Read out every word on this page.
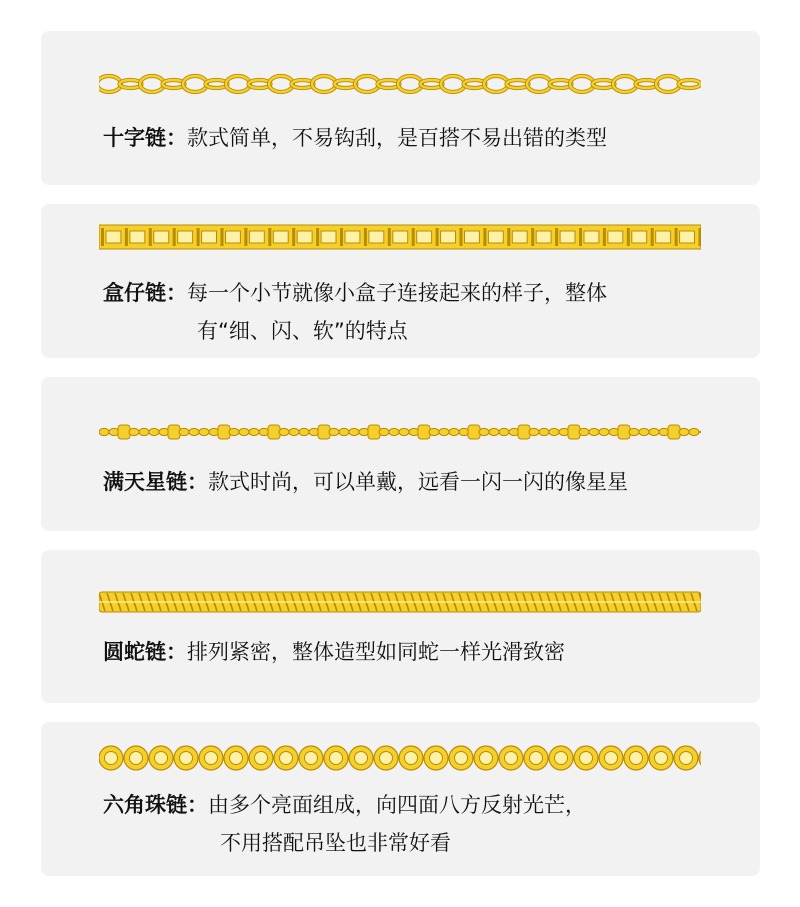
十字链：款式简单，不易钩刮，是百搭不易出错的类型
盒仔链：每一个小节就像小盒子连接起来的样子，整体
有“细、闪、软”的特点
满天星链：款式时尚，可以单戴，远看一闪一闪的像星星
圆蛇链：排列紧密，整体造型如同蛇一样光滑致密
六角珠链：由多个亮面组成，向四面八方反射光芒，
不用搭配吊坠也非常好看
